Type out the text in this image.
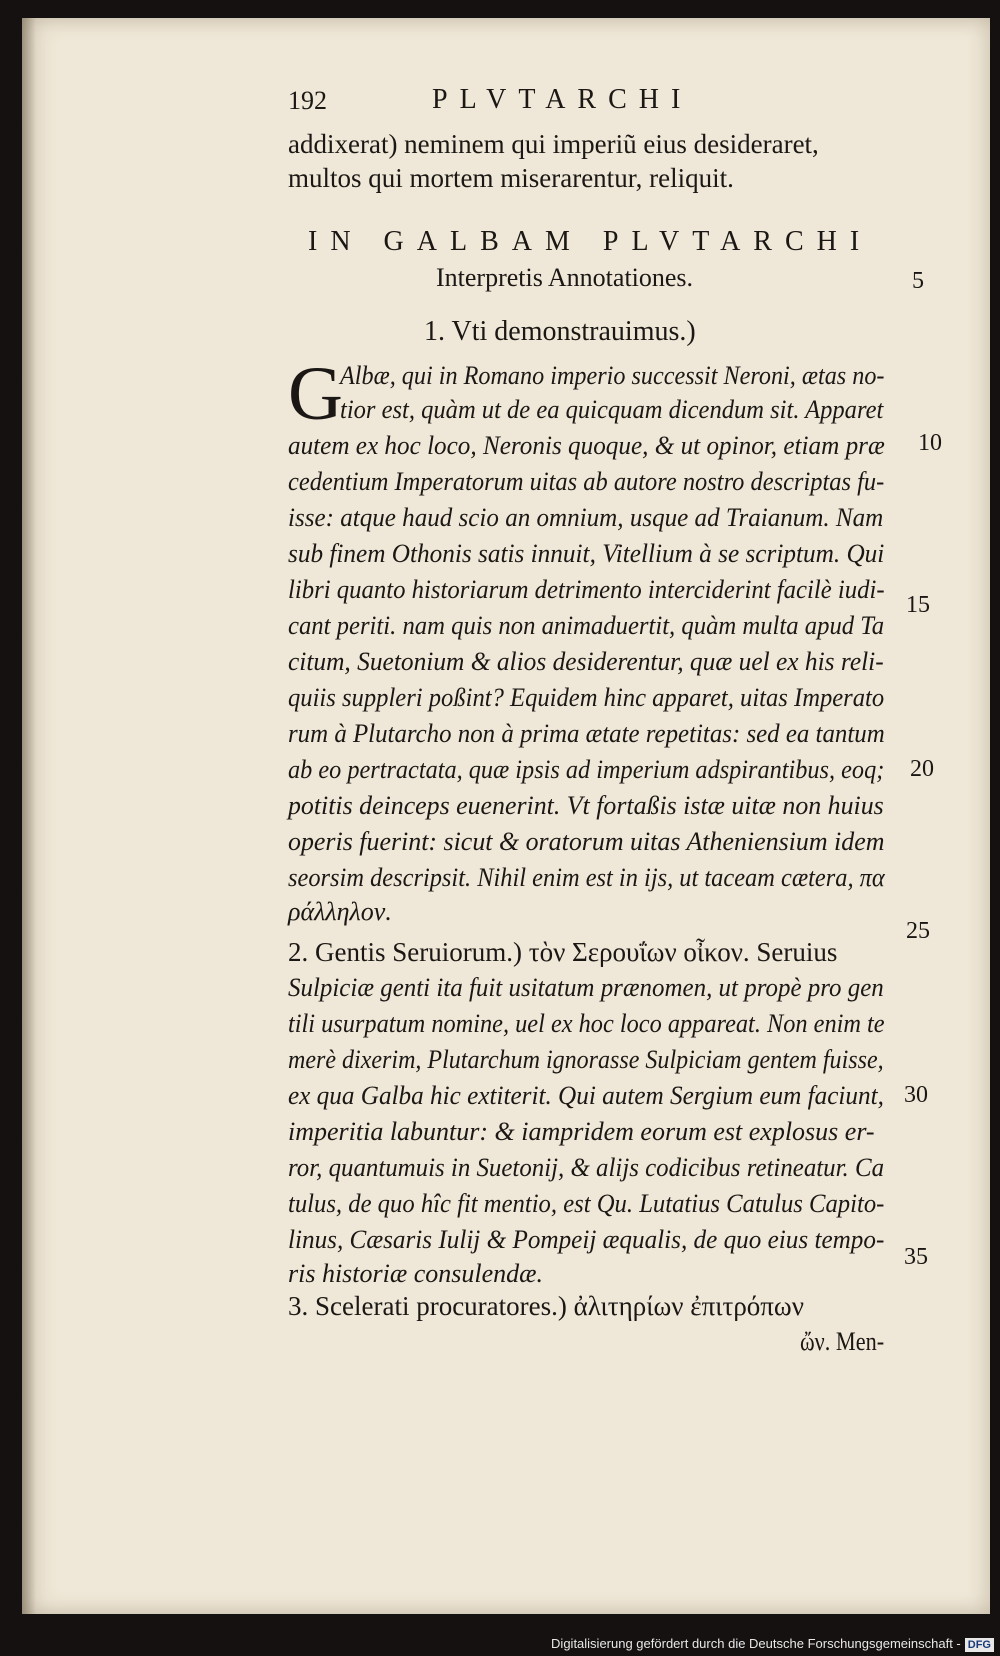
192	PLVTARCHI
addixerat) neminem qui imperiũ eius desideraret,
multos qui mortem miserarentur, reliquit.
IN GALBAM PLVTARCHI
Interpretis Annotationes.
1. Vti demonstrauimus.)
G
Albæ, qui in Romano imperio successit Neroni, ætas no-
tior est, quàm ut de ea quicquam dicendum sit. Apparet
autem ex hoc loco, Neronis quoque, & ut opinor, etiam præ
cedentium Imperatorum uitas ab autore nostro descriptas fu-
isse: atque haud scio an omnium, usque ad Traianum. Nam
sub finem Othonis satis innuit, Vitellium à se scriptum. Qui
libri quanto historiarum detrimento interciderint facilè iudi-
cant periti. nam quis non animaduertit, quàm multa apud Ta
citum, Suetonium & alios desiderentur, quæ uel ex his reli-
quiis suppleri poßint? Equidem hinc apparet, uitas Imperato
rum à Plutarcho non à prima ætate repetitas: sed ea tantum
ab eo pertractata, quæ ipsis ad imperium adspirantibus, eoq;
potitis deinceps euenerint. Vt fortaßis istæ uitæ non huius
operis fuerint: sicut & oratorum uitas Atheniensium idem
seorsim descripsit. Nihil enim est in ijs, ut taceam cætera, πα
ράλληλον.
2. Gentis Seruiorum.) τὸν Σερουΐων οἶκον. Seruius
Sulpiciæ genti ita fuit usitatum prænomen, ut propè pro gen
tili usurpatum nomine, uel ex hoc loco appareat. Non enim te
merè dixerim, Plutarchum ignorasse Sulpiciam gentem fuisse,
ex qua Galba hic extiterit. Qui autem Sergium eum faciunt,
imperitia labuntur: & iampridem eorum est explosus er-
ror, quantumuis in Suetonij, & alijs codicibus retineatur. Ca
tulus, de quo hîc fit mentio, est Qu. Lutatius Catulus Capito-
linus, Cæsaris Iulij & Pompeij æqualis, de quo eius tempo-
ris historiæ consulendæ.
3. Scelerati procuratores.) ἀλιτηρίων ἐπιτρόπων
ὤν. Men-
5
10
15
20
25
30
35
Digitalisierung gefördert durch die Deutsche Forschungsgemeinschaft - DFG
